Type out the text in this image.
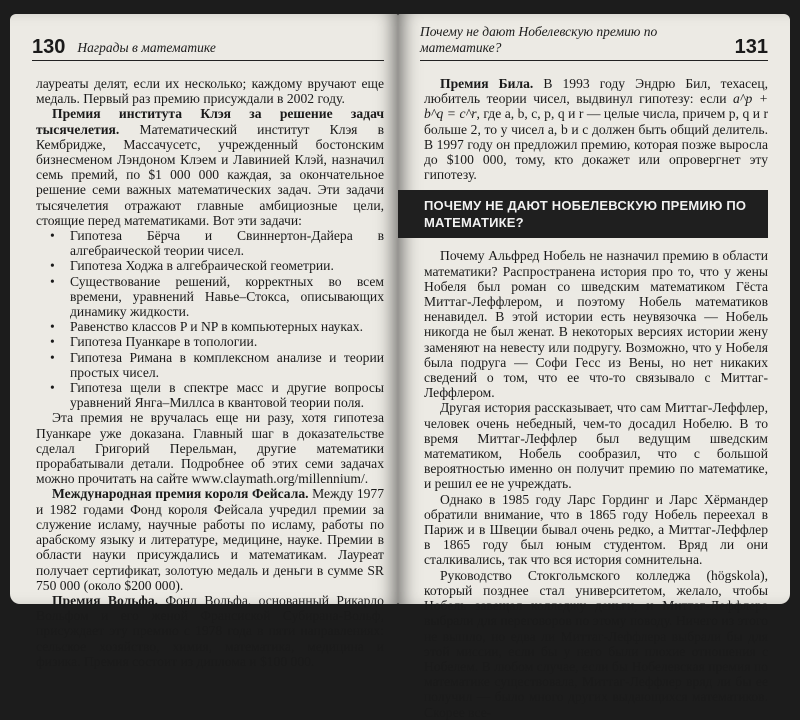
130 Награды в математике

лауреаты делят, если их несколько; каждому вручают еще медаль. Первый раз премию присуждали в 2002 году.

Премия института Клэя за решение задач тысячелетия. Математический институт Клэя в Кембридже, Массачусетс, учрежденный бостонским бизнесменом Лэндоном Клэем и Лавинией Клэй, назначил семь премий, по $1 000 000 каждая, за окончательное решение семи важных математических задач. Эти задачи тысячелетия отражают главные амбициозные цели, стоящие перед математиками. Вот эти задачи:

• Гипотеза Бёрча и Свиннертон-Дайера в алгебраической теории чисел.
• Гипотеза Ходжа в алгебраической геометрии.
• Существование решений, корректных во всем времени, уравнений Навье–Стокса, описывающих динамику жидкости.
• Равенство классов P и NP в компьютерных науках.
• Гипотеза Пуанкаре в топологии.
• Гипотеза Римана в комплексном анализе и теории простых чисел.
• Гипотеза щели в спектре масс и другие вопросы уравнений Янга–Миллса в квантовой теории поля.

Эта премия не вручалась еще ни разу, хотя гипотеза Пуанкаре уже доказана. Главный шаг в доказательстве сделал Григорий Перельман, другие математики прорабатывали детали. Подробнее об этих семи задачах можно прочитать на сайте www.claymath.org/millennium/.

Международная премия короля Фейсала. Между 1977 и 1982 годами Фонд короля Фейсала учредил премии за служение исламу, научные работы по исламу, работы по арабскому языку и литературе, медицине, науке. Премии в области науки присуждались и математикам. Лауреат получает сертификат, золотую медаль и деньги в сумме SR 750 000 (около $200 000).

Премия Вольфа. Фонд Вольфа, основанный Рикардо Вольфом и его женой Франсиской Субирана-Вольф, присуждает эту премию с 1978 года в пяти направлениях: сельское хозяйство, химия, математика, медицина и физика. Премия состоит из диплома и $100 000.

Почему не дают Нобелевскую премию по математике?	131

Премия Била. В 1993 году Эндрю Бил, техасец, любитель теории чисел, выдвинул гипотезу: если a^p + b^q = c^r, где a, b, c, p, q и r — целые числа, причем p, q и r больше 2, то у чисел a, b и c должен быть общий делитель. В 1997 году он предложил премию, которая позже выросла до $100 000, тому, кто докажет или опровергнет эту гипотезу.

ПОЧЕМУ НЕ ДАЮТ НОБЕЛЕВСКУЮ ПРЕМИЮ ПО МАТЕМАТИКЕ?

Почему Альфред Нобель не назначил премию в области математики? Распространена история про то, что у жены Нобеля был роман со шведским математиком Гёста Миттаг-Леффлером, и поэтому Нобель математиков ненавидел. В этой истории есть неувязочка — Нобель никогда не был женат. В некоторых версиях истории жену заменяют на невесту или подругу. Возможно, что у Нобеля была подруга — Софи Гесс из Вены, но нет никаких сведений о том, что ее что-то связывало с Миттаг-Леффлером.

Другая история рассказывает, что сам Миттаг-Леффлер, человек очень небедный, чем-то досадил Нобелю. В то время Миттаг-Леффлер был ведущим шведским математиком, Нобель сообразил, что с большой вероятностью именно он получит премию по математике, и решил ее не учреждать.

Однако в 1985 году Ларс Гординг и Ларс Хёрмандер обратили внимание, что в 1865 году Нобель переехал в Париж и в Швеции бывал очень редко, а Миттаг-Леффлер в 1865 году был юным студентом. Вряд ли они сталкивались, так что вся история сомнительна.

Руководство Стокгольмского колледжа (högskola), который позднее стал университетом, желало, чтобы Нобель завещал колледжу деньги, и Миттаг-Леффлера выбрали для переговоров по этому поводу. Ничего из этого не вышло, но едва ли Миттаг-Леффлера выбрали бы для этой миссии, если бы у него были плохие отношения с Нобелем. В любом случае, если бы Нобелевская премия по математике существовала, Миттаг-Леффлер вряд ли бы ее получил — было много других выдающихся математиков. Скорее все-
